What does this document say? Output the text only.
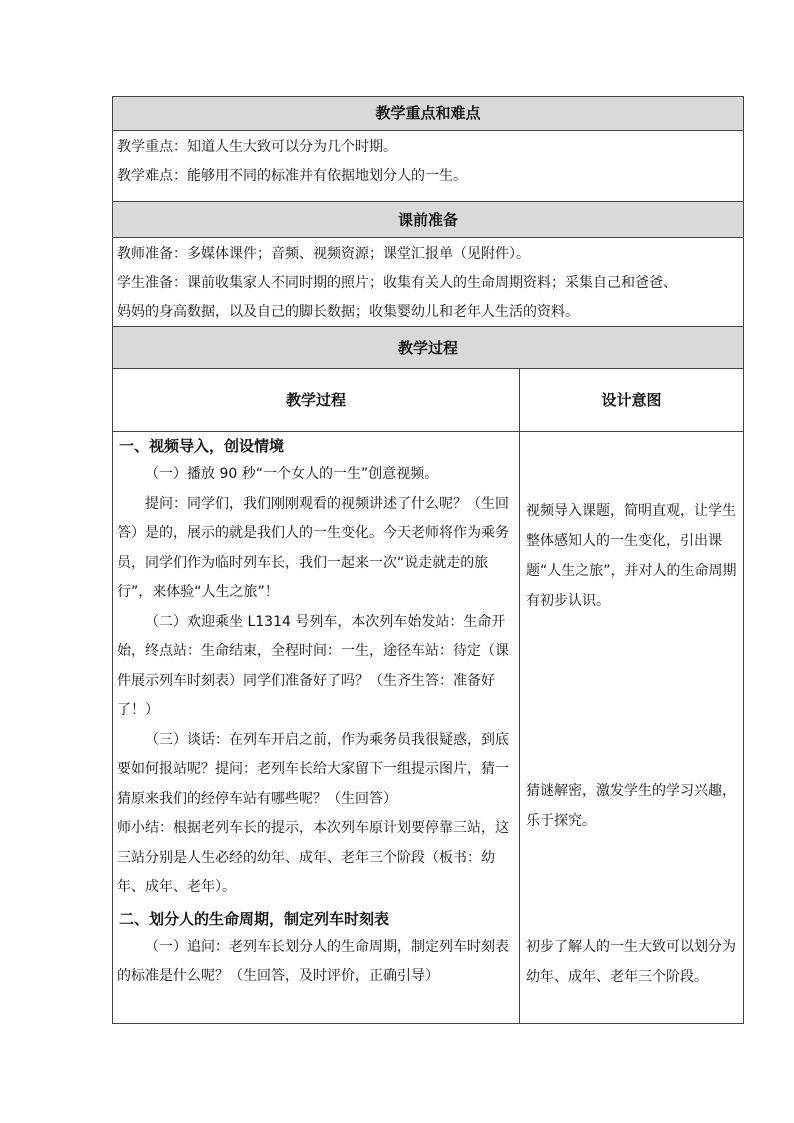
教学重点和难点
教学重点：知道人生大致可以分为几个时期。
教学难点：能够用不同的标准并有依据地划分人的一生。
课前准备
教师准备：多媒体课件；音频、视频资源；课堂汇报单（见附件）。
学生准备：课前收集家人不同时期的照片；收集有关人的生命周期资料；采集自己和爸爸、
妈妈的身高数据，以及自己的脚长数据；收集婴幼儿和老年人生活的资料。
教学过程
教学过程	设计意图
一、视频导入，创设情境

（一）播放 90 秒“一个女人的一生”创意视频。

提问：同学们，我们刚刚观看的视频讲述了什么呢？（生回答）是的，展示的就是我们人的一生变化。今天老师将作为乘务员，同学们作为临时列车长，我们一起来一次“说走就走的旅行”，来体验“人生之旅”！

（二）欢迎乘坐 L1314 号列车，本次列车始发站：生命开始，终点站：生命结束，全程时间：一生，途径车站：待定（课件展示列车时刻表）同学们准备好了吗？（生齐生答：准备好了！）

（三）谈话：在列车开启之前，作为乘务员我很疑惑，到底要如何报站呢？提问：老列车长给大家留下一组提示图片，猜一猜原来我们的经停车站有哪些呢？（生回答）

师小结：根据老列车长的提示，本次列车原计划要停靠三站，这三站分别是人生必经的幼年、成年、老年三个阶段（板书：幼年、成年、老年）。

二、划分人的生命周期，制定列车时刻表

（一）追问：老列车长划分人的生命周期，制定列车时刻表的标准是什么呢？（生回答，及时评价，正确引导）

视频导入课题，简明直观，让学生整体感知人的一生变化，引出课题“人生之旅”，并对人的生命周期有初步认识。

猜谜解密，激发学生的学习兴趣，乐于探究。

初步了解人的一生大致可以划分为幼年、成年、老年三个阶段。
